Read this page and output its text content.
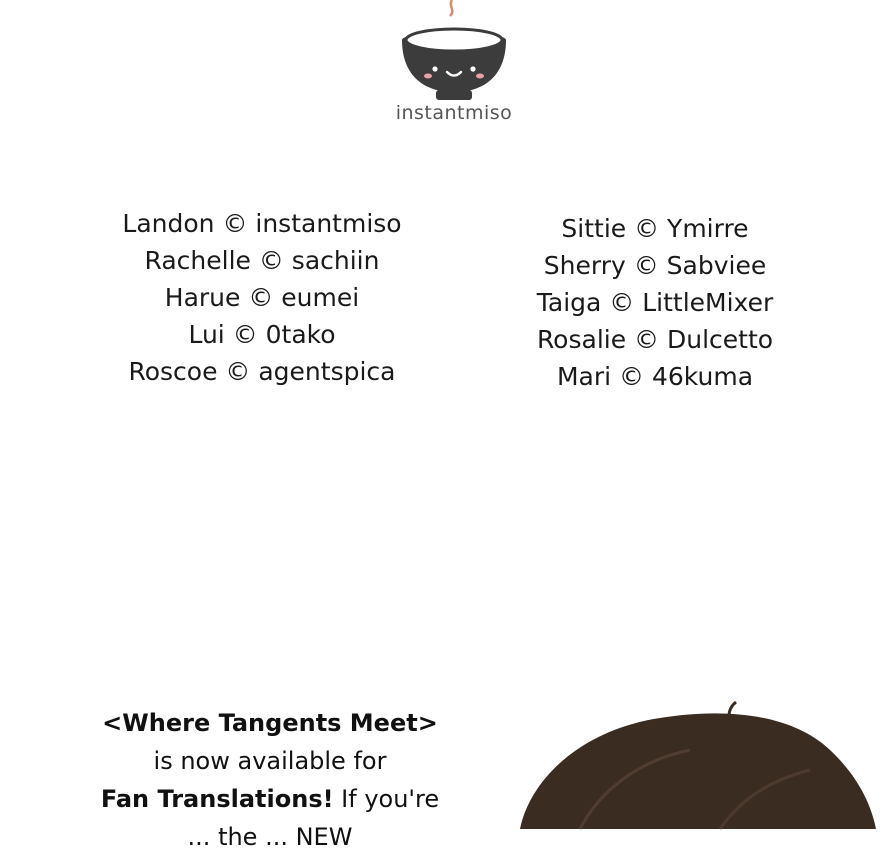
instantmiso
Landon © instantmiso
Rachelle © sachiin
Harue © eumei
Lui © 0tako
Roscoe © agentspica
Sittie © Ymirre
Sherry © Sabviee
Taiga © LittleMixer
Rosalie © Dulcetto
Mari © 46kuma
<Where Tangents Meet>
is now available for
Fan Translations! If you're
... the ... NEW
